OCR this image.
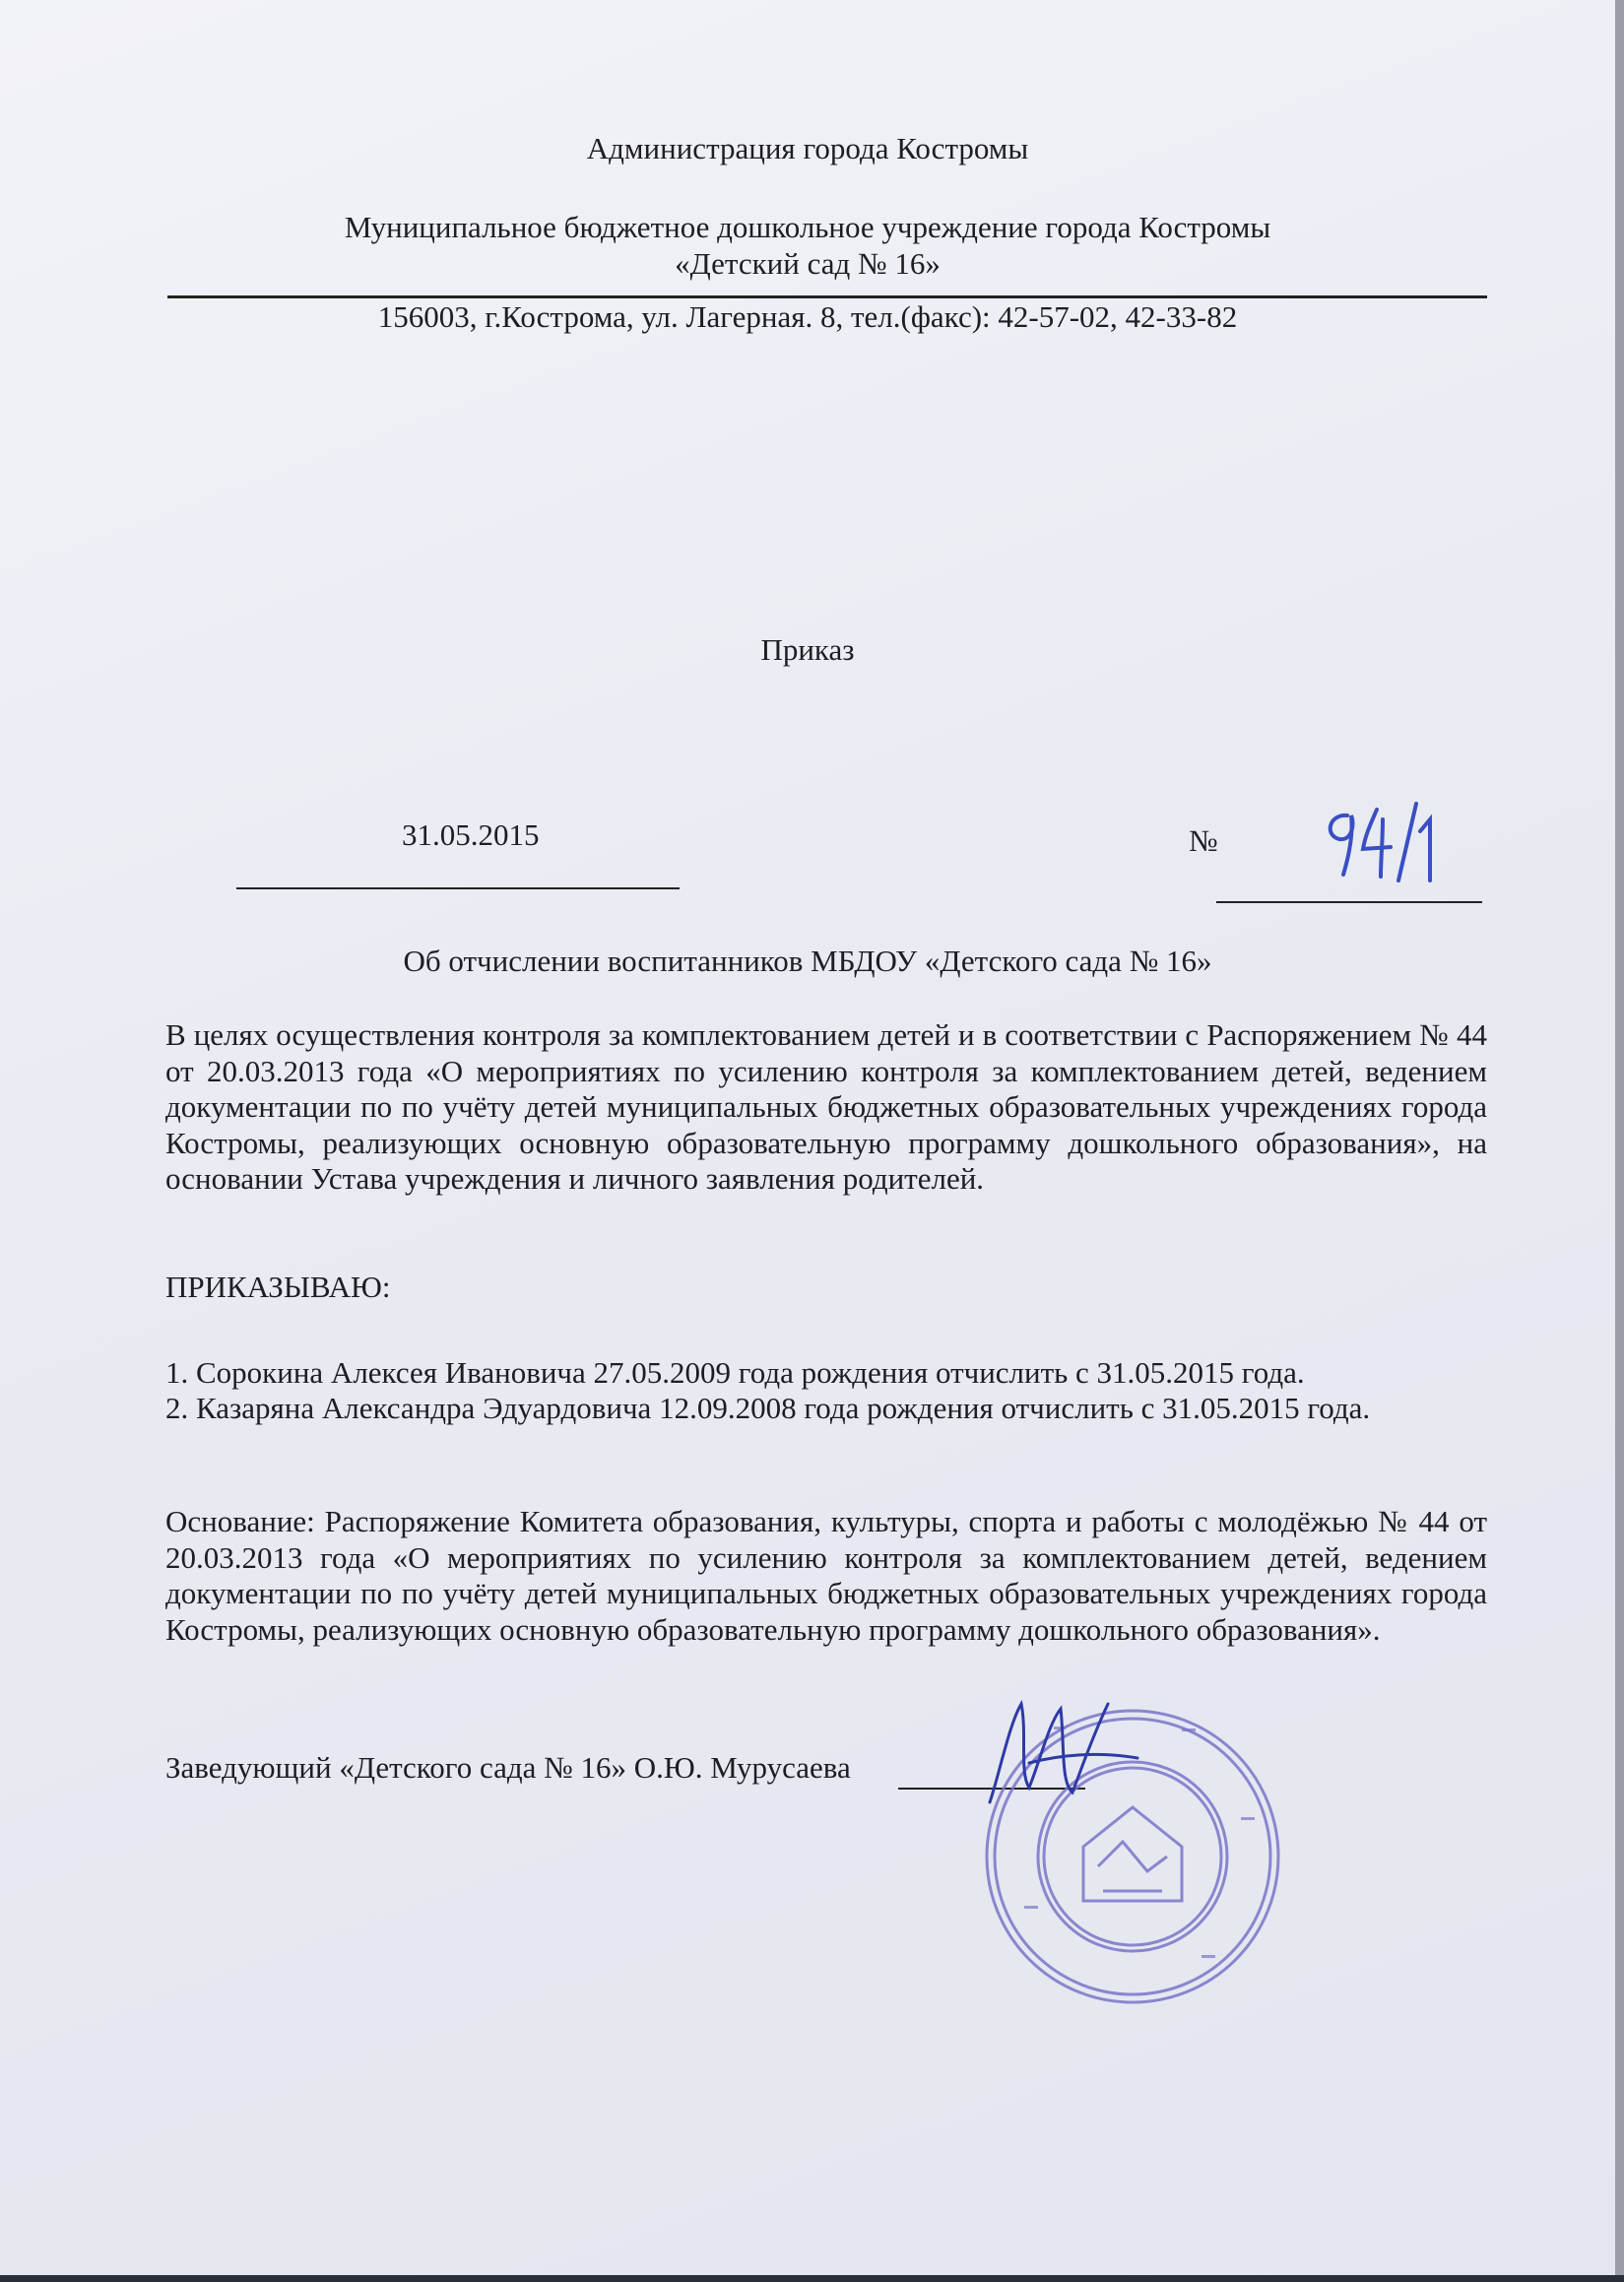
Администрация города Костромы
Муниципальное бюджетное дошкольное учреждение города Костромы
«Детский сад № 16»
156003, г.Кострома, ул. Лагерная. 8, тел.(факс): 42-57-02, 42-33-82
Приказ
31.05.2015	№
Об отчислении воспитанников МБДОУ «Детского сада № 16»
В целях осуществления контроля за комплектованием детей и в соответствии с Распоряжением № 44 от 20.03.2013 года «О мероприятиях по усилению контроля за комплектованием детей, ведением документации по по учёту детей муниципальных бюджетных образовательных учреждениях города Костромы, реализующих основную образовательную программу дошкольного образования», на основании Устава учреждения и личного заявления родителей.
ПРИКАЗЫВАЮ:
1. Сорокина Алексея Ивановича 27.05.2009 года рождения отчислить с 31.05.2015 года.
2. Казаряна Александра Эдуардовича 12.09.2008 года рождения отчислить с 31.05.2015 года.
Основание: Распоряжение Комитета образования, культуры, спорта и работы с молодёжью № 44 от 20.03.2013 года «О мероприятиях по усилению контроля за комплектованием детей, ведением документации по по учёту детей муниципальных бюджетных образовательных учреждениях города Костромы, реализующих основную образовательную программу дошкольного образования».
Заведующий «Детского сада № 16» О.Ю. Мурусаева
